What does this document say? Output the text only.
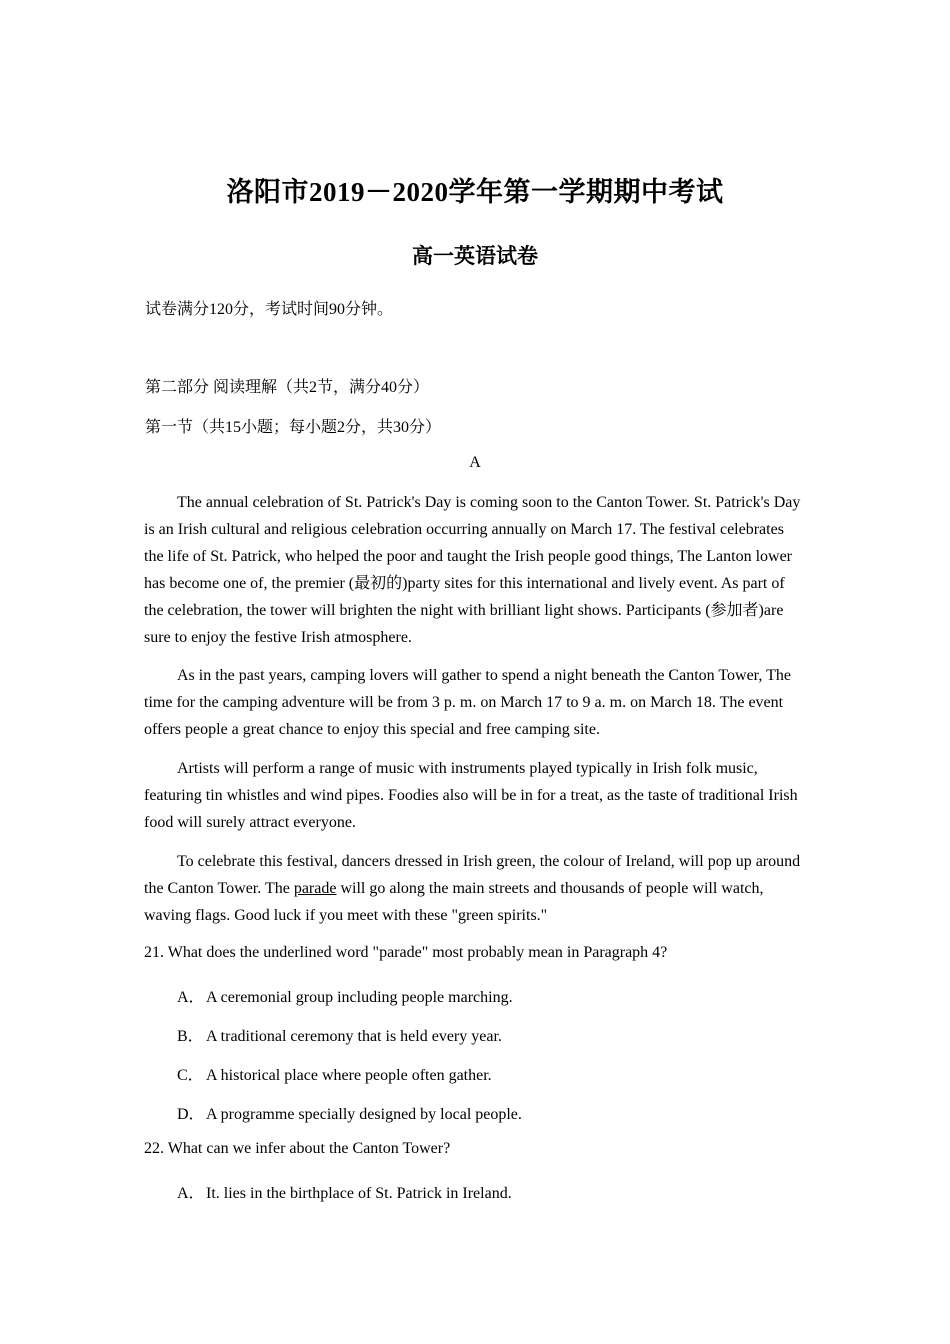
洛阳市2019－2020学年第一学期期中考试
高一英语试卷
试卷满分120分，考试时间90分钟。
第二部分 阅读理解（共2节，满分40分）
第一节（共15小题；每小题2分，共30分）
A
The annual celebration of St. Patrick's Day is coming soon to the Canton Tower. St. Patrick's Day is an Irish cultural and religious celebration occurring annually on March 17. The festival celebrates the life of St. Patrick, who helped the poor and taught the Irish people good things, The Lanton lower has become one of, the premier (最初的)party sites for this international and lively event. As part of the celebration, the tower will brighten the night with brilliant light shows. Participants (参加者)are sure to enjoy the festive Irish atmosphere.
As in the past years, camping lovers will gather to spend a night beneath the Canton Tower, The time for the camping adventure will be from 3 p. m. on March 17 to 9 a. m. on March 18. The event offers people a great chance to enjoy this special and free camping site.
Artists will perform a range of music with instruments played typically in Irish folk music, featuring tin whistles and wind pipes. Foodies also will be in for a treat, as the taste of traditional Irish food will surely attract everyone.
To celebrate this festival, dancers dressed in Irish green, the colour of Ireland, will pop up around the Canton Tower. The parade will go along the main streets and thousands of people will watch, waving flags. Good luck if you meet with these "green spirits."
21. What does the underlined word "parade" most probably mean in Paragraph 4?
A．A ceremonial group including people marching.
B． A traditional ceremony that is held every year.
C． A historical place where people often gather.
D．A programme specially designed by local people.
22. What can we infer about the Canton Tower?
A．It. lies in the birthplace of St. Patrick in Ireland.
